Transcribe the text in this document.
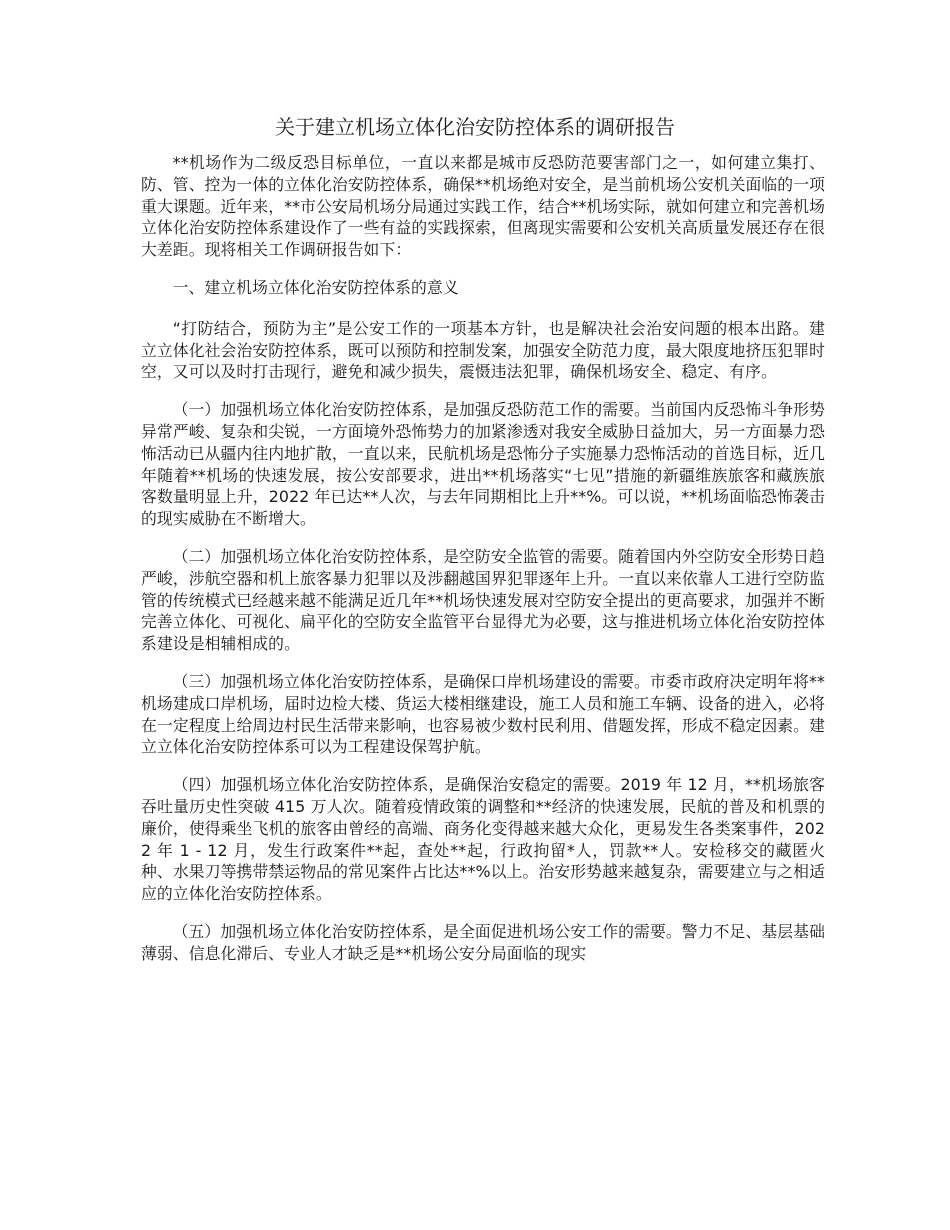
关于建立机场立体化治安防控体系的调研报告

**机场作为二级反恐目标单位，一直以来都是城市反恐防范要害部门之一，如何建立集打、防、管、控为一体的立体化治安防控体系，确保**机场绝对安全，是当前机场公安机关面临的一项重大课题。近年来，**市公安局机场分局通过实践工作，结合**机场实际，就如何建立和完善机场立体化治安防控体系建设作了一些有益的实践探索，但离现实需要和公安机关高质量发展还存在很大差距。现将相关工作调研报告如下：

一、建立机场立体化治安防控体系的意义

“打防结合，预防为主”是公安工作的一项基本方针，也是解决社会治安问题的根本出路。建立立体化社会治安防控体系，既可以预防和控制发案，加强安全防范力度，最大限度地挤压犯罪时空，又可以及时打击现行，避免和减少损失，震慑违法犯罪，确保机场安全、稳定、有序。

（一）加强机场立体化治安防控体系，是加强反恐防范工作的需要。当前国内反恐怖斗争形势异常严峻、复杂和尖锐，一方面境外恐怖势力的加紧渗透对我安全威胁日益加大，另一方面暴力恐怖活动已从疆内往内地扩散，一直以来，民航机场是恐怖分子实施暴力恐怖活动的首选目标，近几年随着**机场的快速发展，按公安部要求，进出**机场落实“七见”措施的新疆维族旅客和藏族旅客数量明显上升，2022 年已达**人次，与去年同期相比上升**%。可以说，**机场面临恐怖袭击的现实威胁在不断增大。

（二）加强机场立体化治安防控体系，是空防安全监管的需要。随着国内外空防安全形势日趋严峻，涉航空器和机上旅客暴力犯罪以及涉翻越国界犯罪逐年上升。一直以来依靠人工进行空防监管的传统模式已经越来越不能满足近几年**机场快速发展对空防安全提出的更高要求，加强并不断完善立体化、可视化、扁平化的空防安全监管平台显得尤为必要，这与推进机场立体化治安防控体系建设是相辅相成的。

（三）加强机场立体化治安防控体系，是确保口岸机场建设的需要。市委市政府决定明年将**机场建成口岸机场，届时边检大楼、货运大楼相继建设，施工人员和施工车辆、设备的进入，必将在一定程度上给周边村民生活带来影响，也容易被少数村民利用、借题发挥，形成不稳定因素。建立立体化治安防控体系可以为工程建设保驾护航。

（四）加强机场立体化治安防控体系，是确保治安稳定的需要。2019 年 12 月，**机场旅客吞吐量历史性突破 415 万人次。随着疫情政策的调整和**经济的快速发展，民航的普及和机票的廉价，使得乘坐飞机的旅客由曾经的高端、商务化变得越来越大众化，更易发生各类案事件，2022 年 1 - 12 月，发生行政案件**起，查处**起，行政拘留*人，罚款**人。安检移交的藏匿火种、水果刀等携带禁运物品的常见案件占比达**%以上。治安形势越来越复杂，需要建立与之相适应的立体化治安防控体系。

（五）加强机场立体化治安防控体系，是全面促进机场公安工作的需要。警力不足、基层基础薄弱、信息化滞后、专业人才缺乏是**机场公安分局面临的现实
